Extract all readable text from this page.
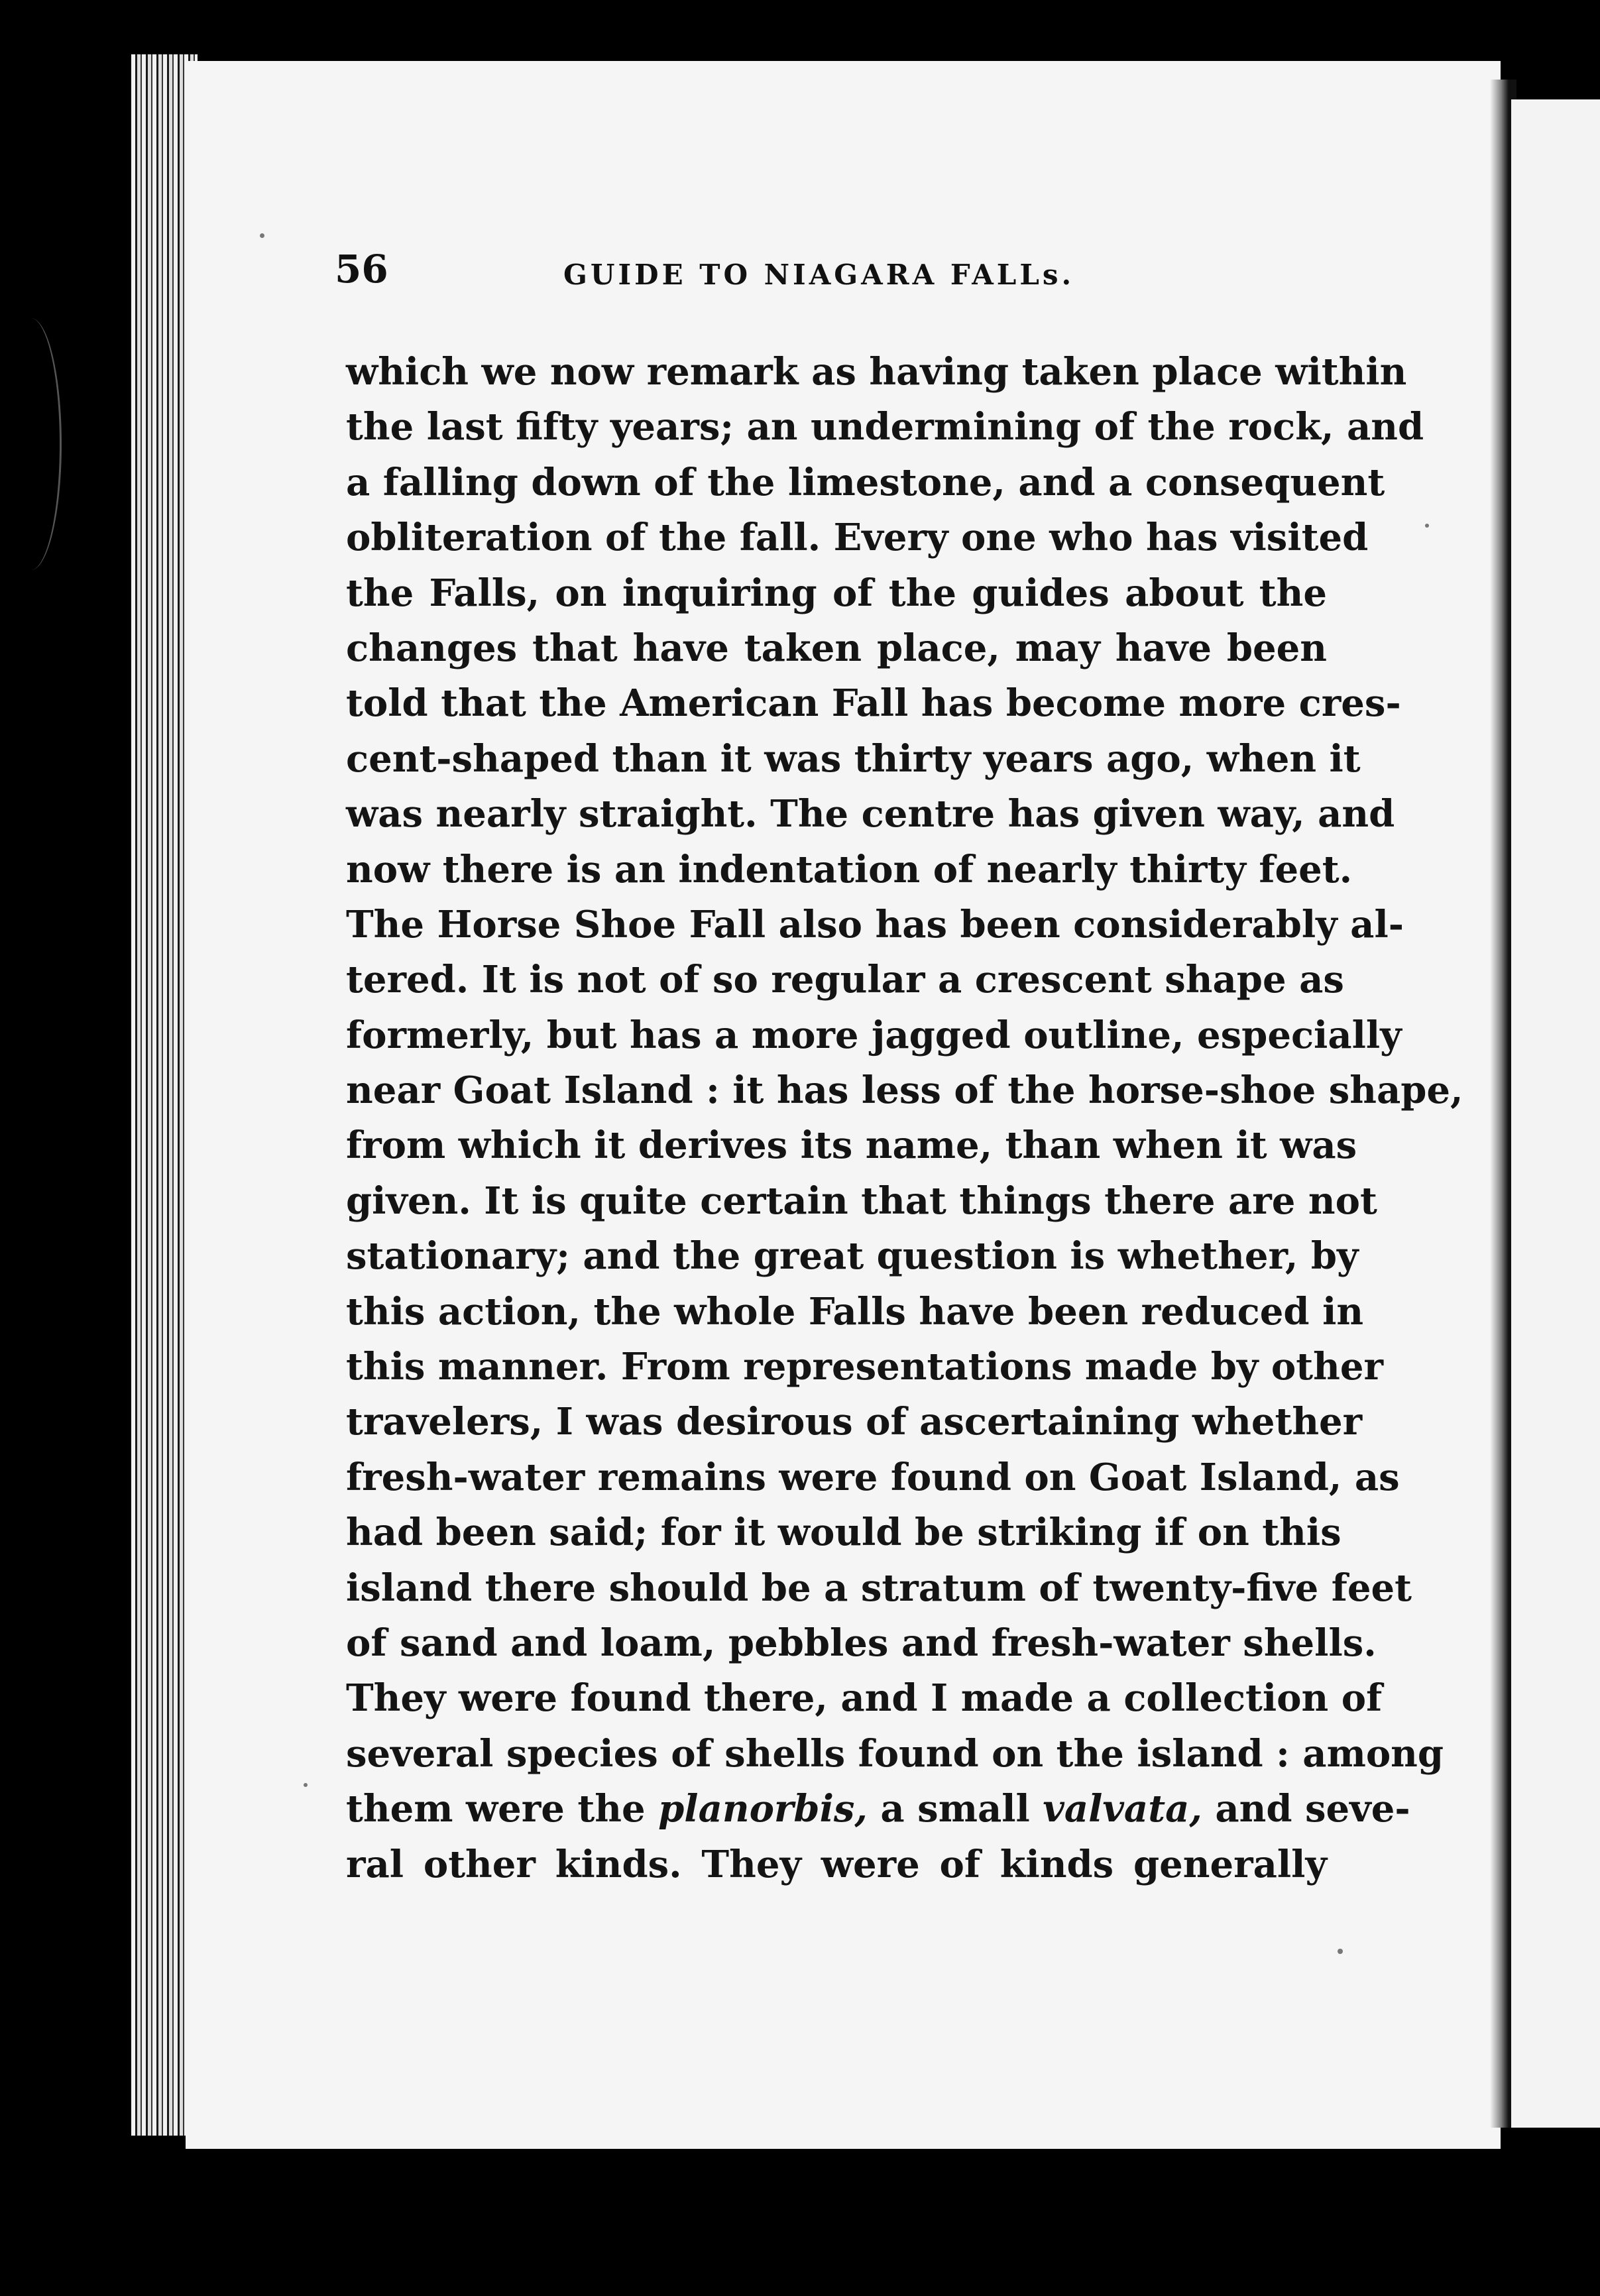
56	GUIDE TO NIAGARA FALLs.
which we now remark as having taken place within
the last fifty years; an undermining of the rock, and
a falling down of the limestone, and a consequent
obliteration of the fall. Every one who has visited
the Falls, on inquiring of the guides about the
changes that have taken place, may have been
told that the American Fall has become more cres-
cent-shaped than it was thirty years ago, when it
was nearly straight. The centre has given way, and
now there is an indentation of nearly thirty feet.
The Horse Shoe Fall also has been considerably al-
tered. It is not of so regular a crescent shape as
formerly, but has a more jagged outline, especially
near Goat Island : it has less of the horse-shoe shape,
from which it derives its name, than when it was
given. It is quite certain that things there are not
stationary; and the great question is whether, by
this action, the whole Falls have been reduced in
this manner. From representations made by other
travelers, I was desirous of ascertaining whether
fresh-water remains were found on Goat Island, as
had been said; for it would be striking if on this
island there should be a stratum of twenty-five feet
of sand and loam, pebbles and fresh-water shells.
They were found there, and I made a collection of
several species of shells found on the island : among
them were the planorbis, a small valvata, and seve-
ral other kinds. They were of kinds generally
